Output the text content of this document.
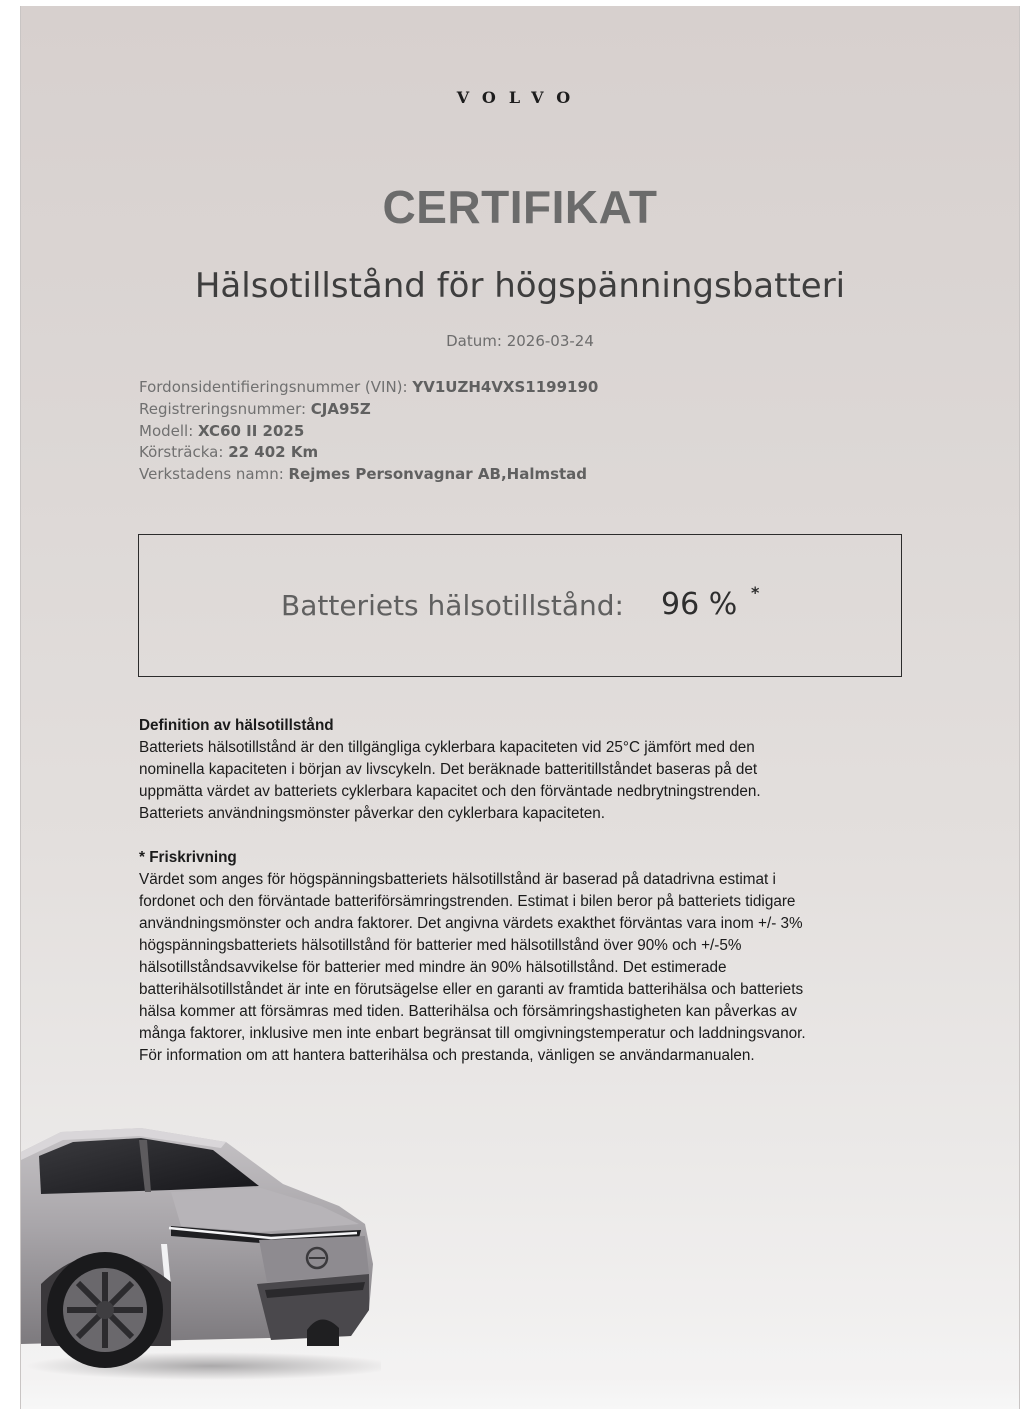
VOLVO
CERTIFIKAT
Hälsotillstånd för högspänningsbatteri
Datum: 2026-03-24
Fordonsidentifieringsnummer (VIN): YV1UZH4VXS1199190
Registreringsnummer: CJA95Z
Modell: XC60 II 2025
Körsträcka: 22 402 Km
Verkstadens namn: Rejmes Personvagnar AB,Halmstad
Batteriets hälsotillstånd: 96 % *
Definition av hälsotillstånd
Batteriets hälsotillstånd är den tillgängliga cyklerbara kapaciteten vid 25°C jämfört med den
nominella kapaciteten i början av livscykeln. Det beräknade batteritillståndet baseras på det
uppmätta värdet av batteriets cyklerbara kapacitet och den förväntade nedbrytningstrenden.
Batteriets användningsmönster påverkar den cyklerbara kapaciteten.
* Friskrivning
Värdet som anges för högspänningsbatteriets hälsotillstånd är baserad på datadrivna estimat i
fordonet och den förväntade batteriförsämringstrenden. Estimat i bilen beror på batteriets tidigare
användningsmönster och andra faktorer. Det angivna värdets exakthet förväntas vara inom +/- 3%
högspänningsbatteriets hälsotillstånd för batterier med hälsotillstånd över 90% och +/-5%
hälsotillståndsavvikelse för batterier med mindre än 90% hälsotillstånd. Det estimerade
batterihälsotillståndet är inte en förutsägelse eller en garanti av framtida batterihälsa och batteriets
hälsa kommer att försämras med tiden. Batterihälsa och försämringshastigheten kan påverkas av
många faktorer, inklusive men inte enbart begränsat till omgivningstemperatur och laddningsvanor.
För information om att hantera batterihälsa och prestanda, vänligen se användarmanualen.
